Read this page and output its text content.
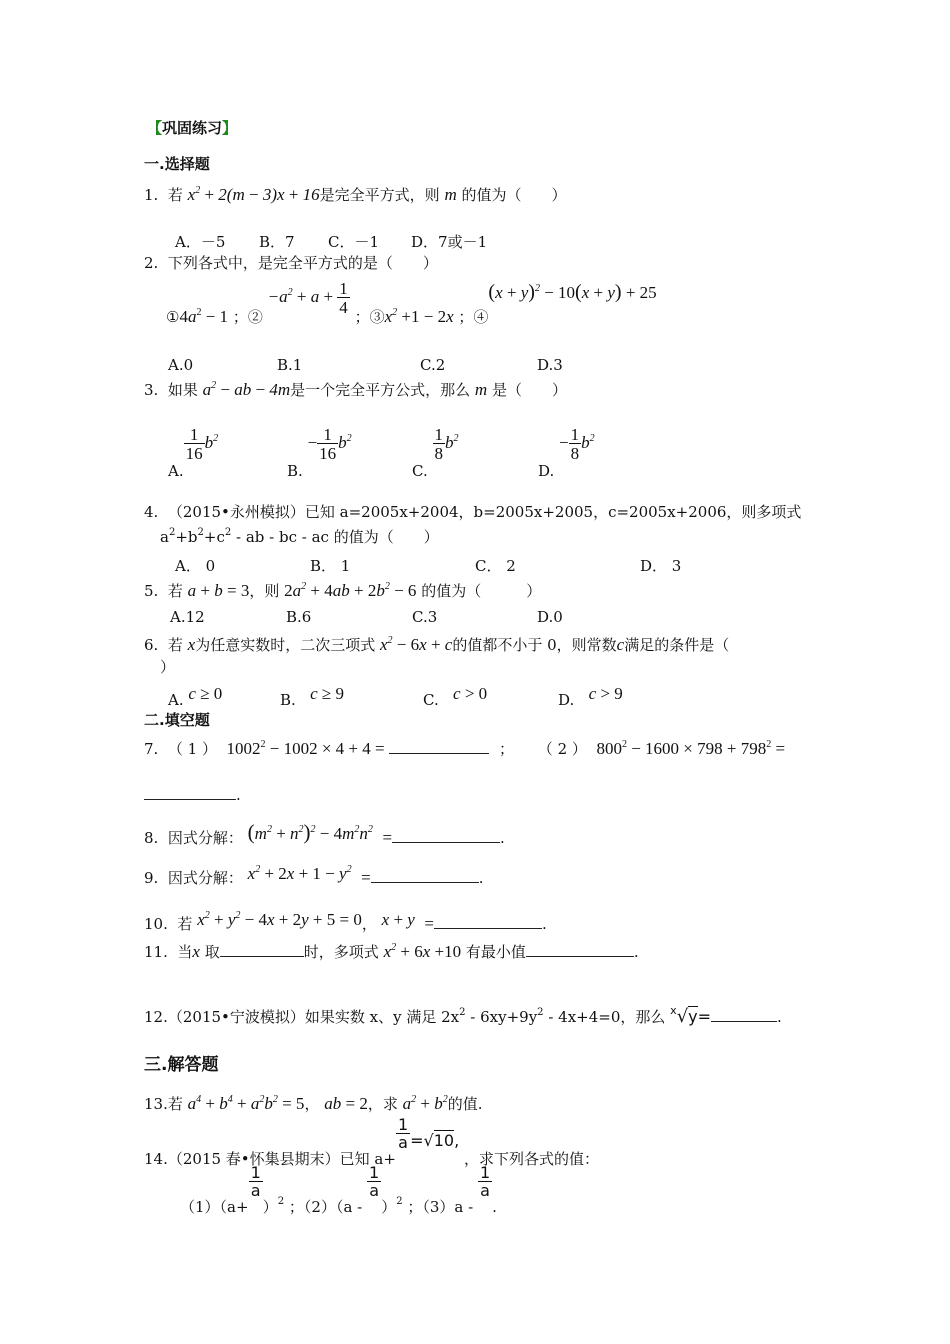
【巩固练习】
一.选择题
1. 若 $x^2 + 2(m - 3)x + 16$是完全平方式，则 m 的值为（　　）
A．－5 B．7 C．－1 D．7或－1
2. 下列各式中，是完全平方式的是（　　）
$①4a^2 - 1$ ；② $-a^2 + a + \frac{1}{4}$
；$③x^2 +1 - 2x$ ；④(x + y)$^2$ − 10(x + y) + 25
A.0	B.1	C.2	D.3
3. 如果 $a^2$ − ab − 4m是一个完全平方公式，那么 m 是（　　）
A.
$\frac{1}{16} b^2$
B. − $\frac{1}{16} b^2$
C.
$\frac{1}{8} b^2$
D. − $\frac{1}{8} b^2$
4. （2015•永州模拟）已知 a=2005x+2004，b=2005x+2005，c=2005x+2006，则多项式
$a^2+b^2+c^2$ - ab - bc - ac 的值为（　　）
A． 0	B． 1	C． 2	D． 3
5. 若 a + b = 3，则 $2a^2 + 4ab + 2b^2 - 6$ 的值为（　　　）
A.12	B.6	C.3	D.0
6. 若 x为任意实数时，二次三项式 $x^2 - 6x + c$的值都不小于 0，则常数c满足的条件是（
）
A. c ≥ 0	B. c ≥ 9	C. c > 0	D. c > 9
二.填空题
7. （ 1 ） $1002^2 - 1002 \times 4 + 4$ =	； （ 2 ） $800^2 - 1600 \times 798 + 798^2$ =
.
8. 因式分解： $(m^2 + n^2)^2 - 4m^2n^2$ =	.
9. 因式分解： $x^2 + 2x + 1 - y^2$ =	.
10. 若 $x^2 + y^2 - 4x + 2y + 5 = 0$， x + y =	.
11. 当x 取	时，多项式 $x^2 + 6x +10$ 有最小值	.
12.（2015•宁波模拟）如果实数 x、y 满足 $2x^2 - 6xy+9y^2 - 4x+4=0$，那么 $^x$√y=	.
三.解答题
13.若 $a^4 + b^4 + a^2b^2 = 5$， ab = 2，求 $a^2 + b^2$的值.
14.（2015 春•怀集县期末）已知 a+
$\frac{1}{a} =√10$, ，求下列各式的值：
（1）（a+
$\frac{1}{a}$
）$^2$ ；（2）（a -
$\frac{1}{a}$
）$^2$ ；（3）a -
$\frac{1}{a}$
.
